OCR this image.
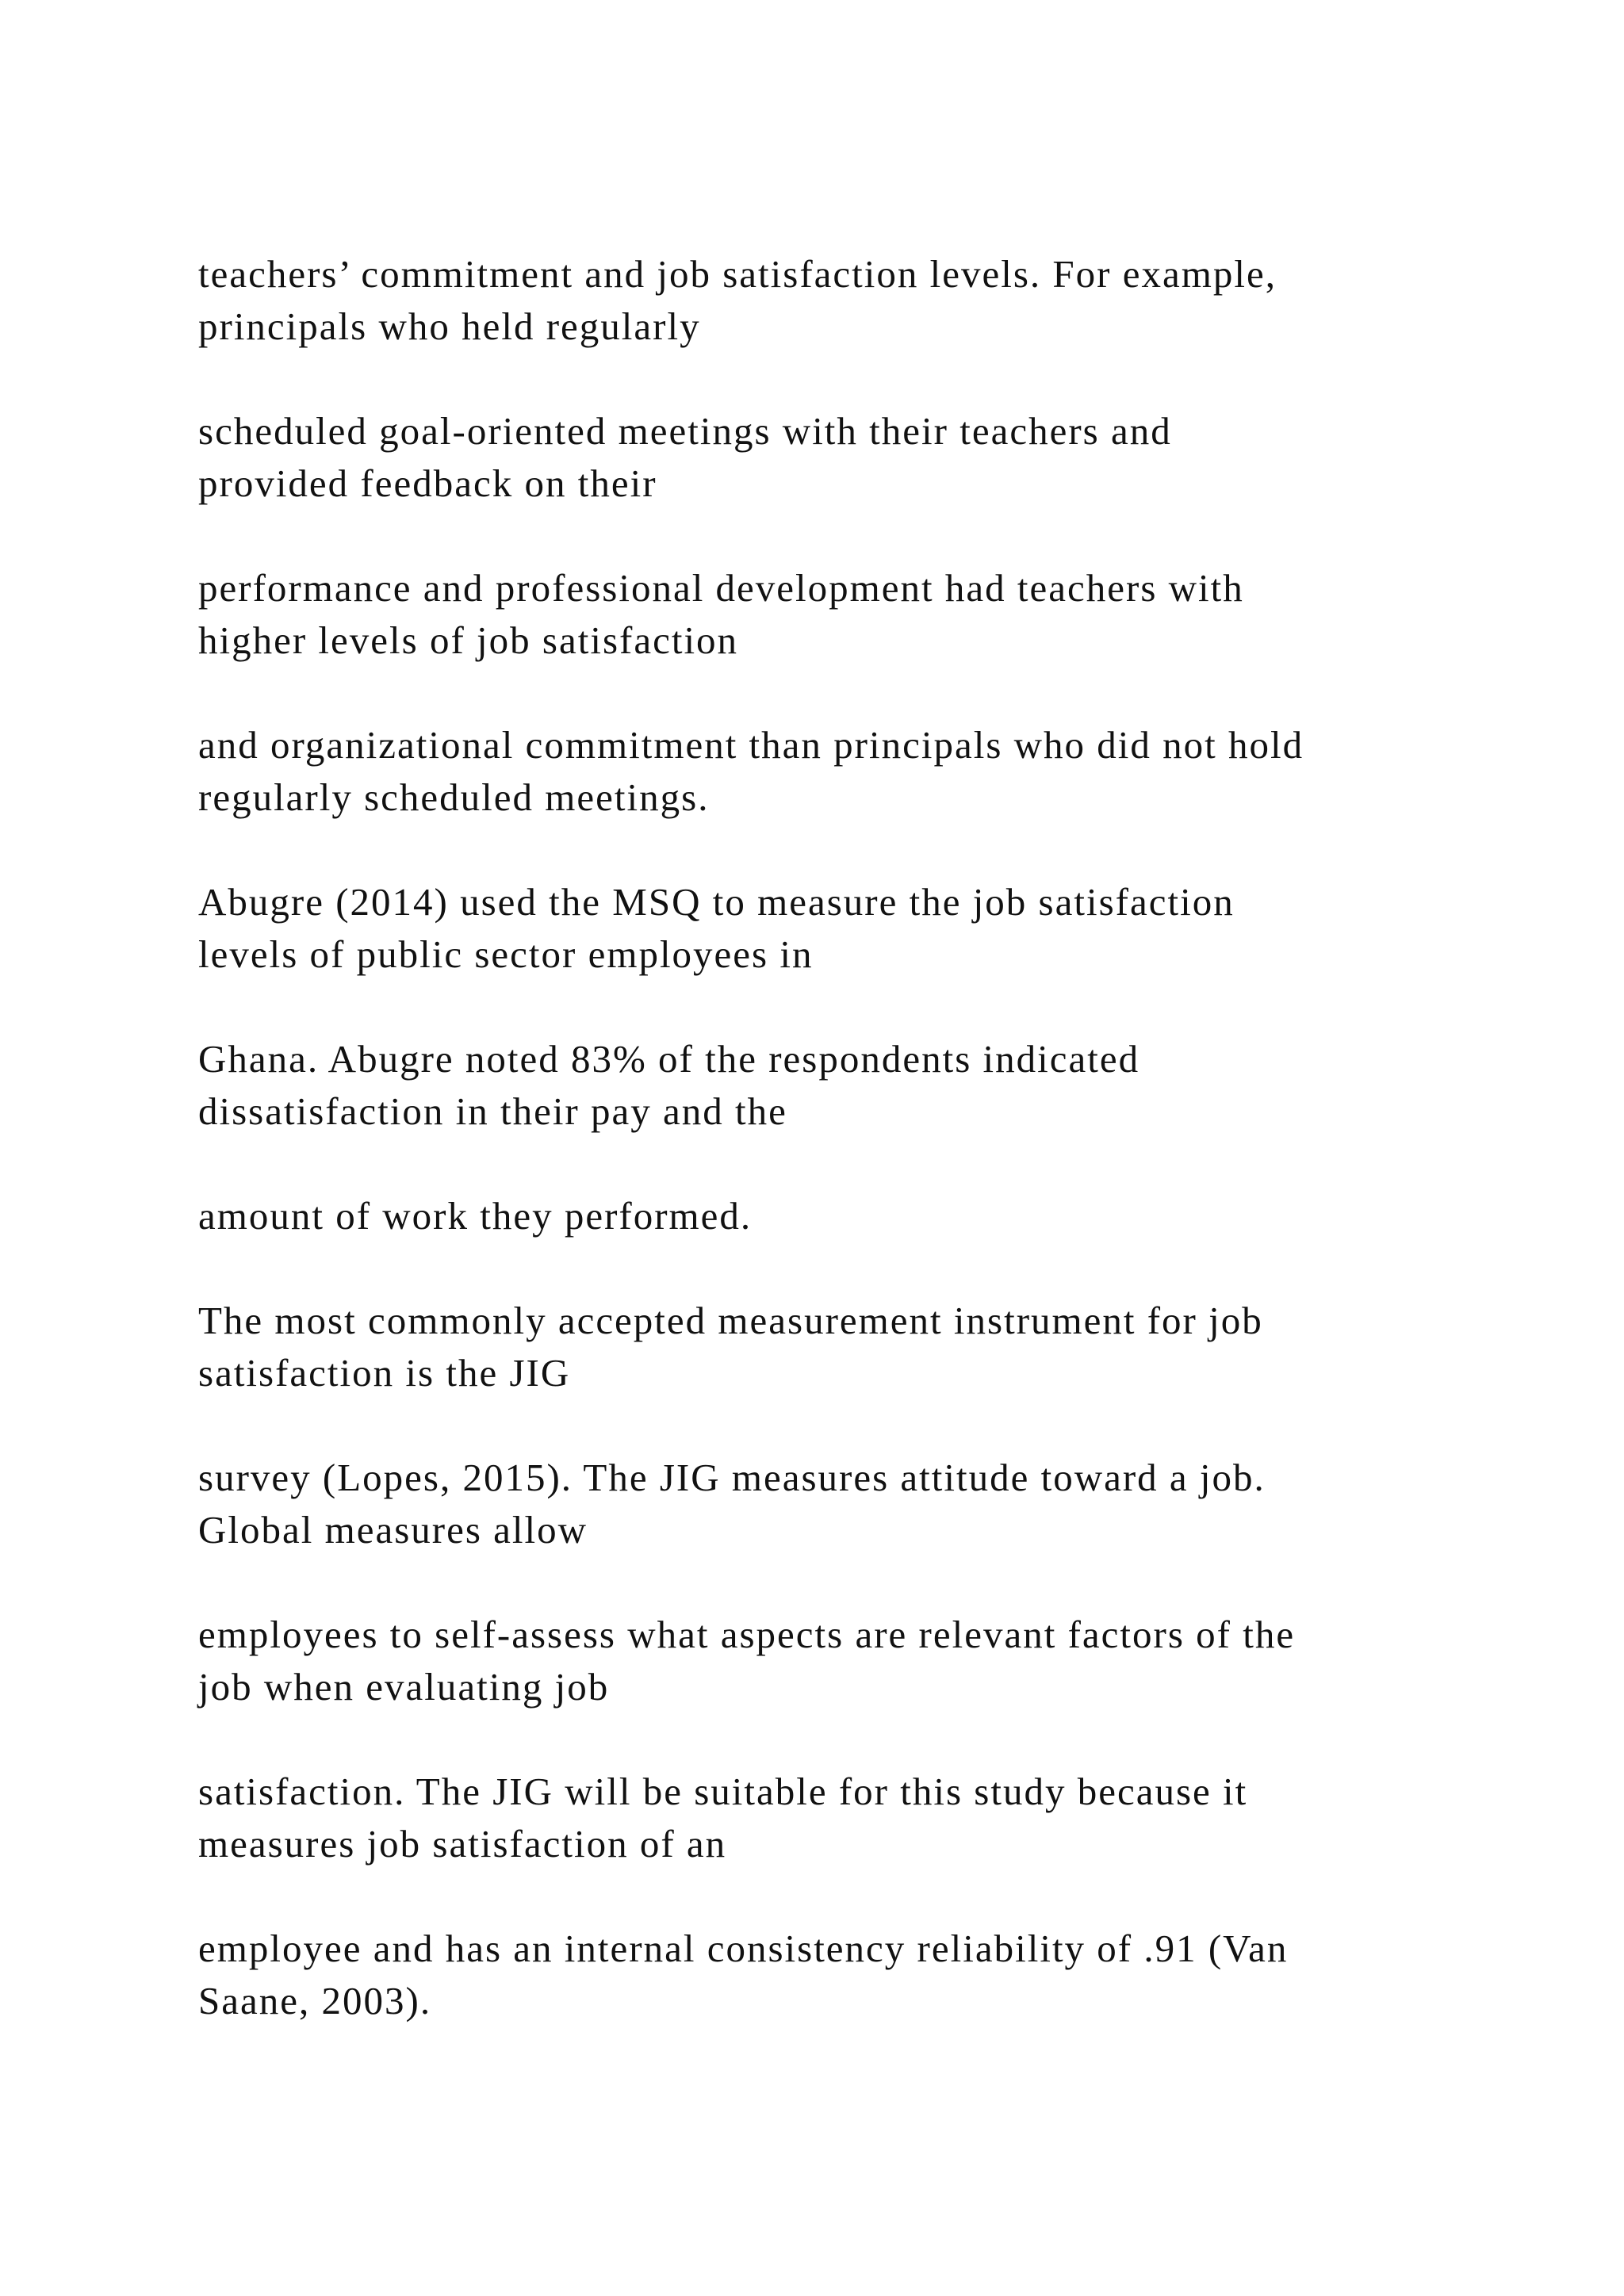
teachers’ commitment and job satisfaction levels. For example,
principals who held regularly
scheduled goal-oriented meetings with their teachers and
provided feedback on their
performance and professional development had teachers with
higher levels of job satisfaction
and organizational commitment than principals who did not hold
regularly scheduled meetings.
Abugre (2014) used the MSQ to measure the job satisfaction
levels of public sector employees in
Ghana. Abugre noted 83% of the respondents indicated
dissatisfaction in their pay and the
amount of work they performed.
The most commonly accepted measurement instrument for job
satisfaction is the JIG
survey (Lopes, 2015). The JIG measures attitude toward a job.
Global measures allow
employees to self-assess what aspects are relevant factors of the
job when evaluating job
satisfaction. The JIG will be suitable for this study because it
measures job satisfaction of an
employee and has an internal consistency reliability of .91 (Van
Saane, 2003).
